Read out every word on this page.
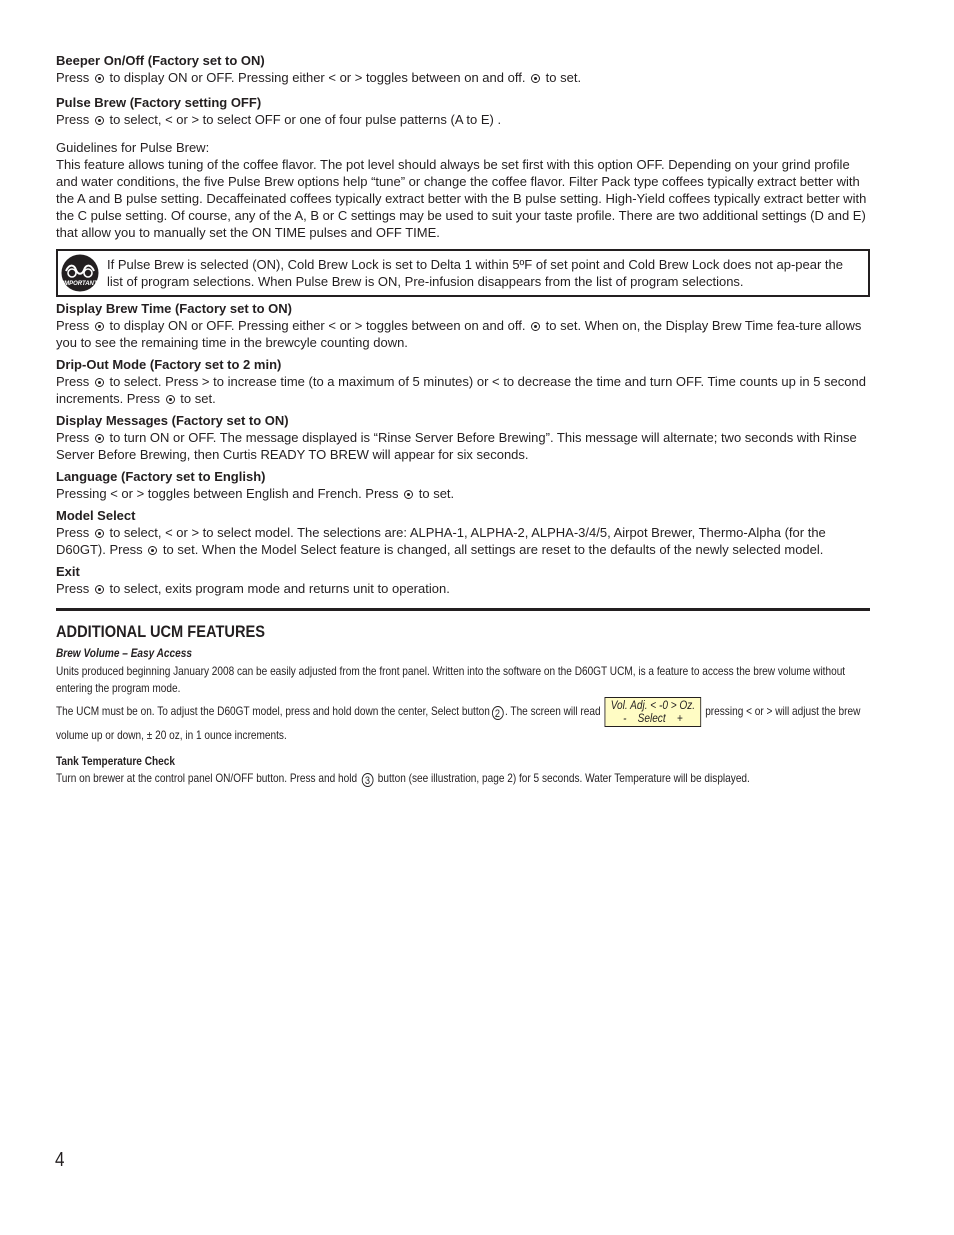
Beeper On/Off (Factory set to ON)
Press  to display ON or OFF. Pressing either < or > toggles between on and off.  to set.
Pulse Brew (Factory setting OFF)
Press  to select, < or > to select OFF or one of four pulse patterns (A to E) .
Guidelines for Pulse Brew:
This feature allows tuning of the coffee flavor. The pot level should always be set first with this option OFF. Depending on your grind profile and water conditions, the five Pulse Brew options help “tune” or change the coffee flavor. Filter Pack type coffees typically extract better with the A and B pulse setting. Decaffeinated coffees typically extract better with the B pulse setting. High-Yield coffees typically extract better with the C pulse setting. Of course, any of the A, B or C settings may be used to suit your taste profile. There are two additional settings (D and E) that allow you to manually set the ON TIME pulses and OFF TIME.
IMPORTANT
If Pulse Brew is selected (ON), Cold Brew Lock is set to Delta 1 within 5ºF of set point and Cold Brew Lock does not ap-pear the list of program selections. When Pulse Brew is ON, Pre-infusion disappears from the list of program selections.
Display Brew Time (Factory set to ON)
Press  to display ON or OFF. Pressing either < or > toggles between on and off.  to set. When on, the Display Brew Time fea-ture allows you to see the remaining time in the brewcyle counting down.
Drip-Out Mode (Factory set to 2 min)
Press  to select. Press > to increase time (to a maximum of 5 minutes) or < to decrease the time and turn OFF. Time counts up in 5 second increments. Press  to set.
Display Messages (Factory set to ON)
Press  to turn ON or OFF. The message displayed is “Rinse Server Before Brewing”. This message will alternate; two seconds with Rinse Server Before Brewing, then Curtis READY TO BREW will appear for six seconds.
Language (Factory set to English)
Pressing < or > toggles between English and French. Press  to set.
Model Select
Press  to select, < or > to select model. The selections are: ALPHA-1, ALPHA-2, ALPHA-3/4/5, Airpot Brewer, Thermo-Alpha (for the D60GT). Press  to set. When the Model Select feature is changed, all settings are reset to the defaults of the newly selected model.
Exit
Press  to select, exits program mode and returns unit to operation.
ADDITIONAL UCM FEATURES
Brew Volume – Easy Access
Units produced beginning January 2008 can be easily adjusted from the front panel. Written into the software on the D60GT UCM, is a feature to access the brew volume without entering the program mode.
The UCM must be on. To adjust the D60GT model, press and hold down the center, Select button 2 . The screen will read Vol. Adj. < -0 > Oz.
-    Select    +	pressing < or > will adjust the brew volume up or down, ± 20 oz, in 1 ounce increments.
Tank Temperature Check
Turn on brewer at the control panel ON/OFF button. Press and hold 3 button (see illustration, page 2) for 5 seconds. Water Temperature will be displayed.
4
